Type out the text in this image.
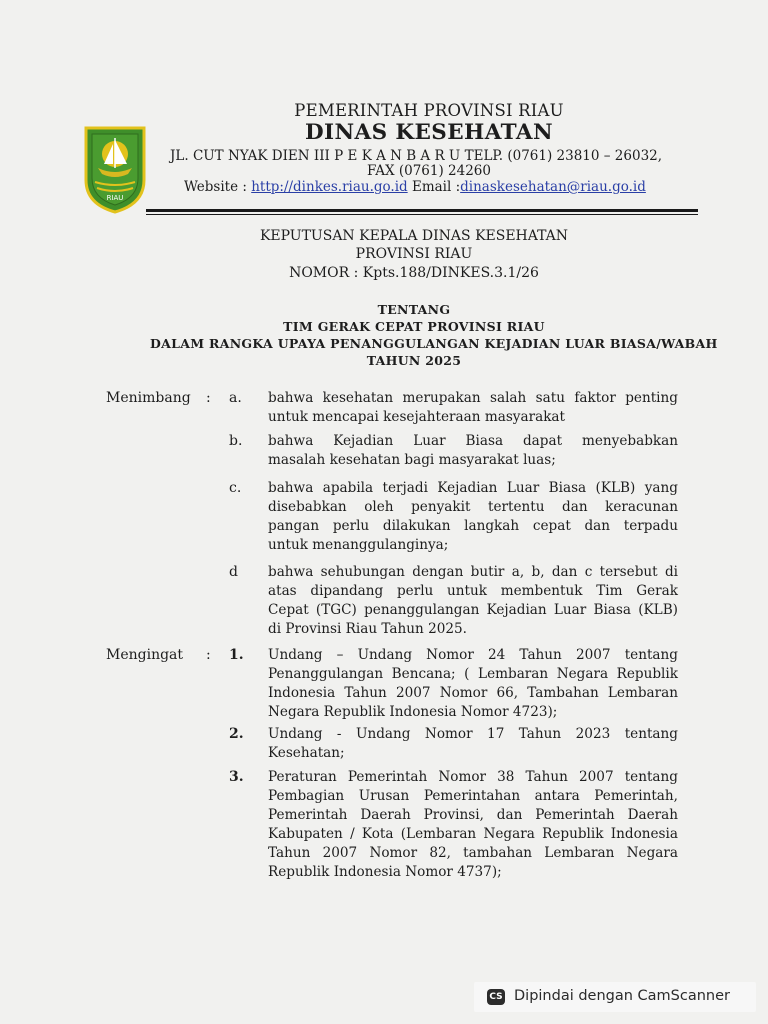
RIAU
PEMERINTAH PROVINSI RIAU
DINAS KESEHATAN
JL. CUT NYAK DIEN III P E K A N B A R U TELP. (0761) 23810 – 26032,
FAX (0761) 24260
Website : http://dinkes.riau.go.id Email :dinaskesehatan@riau.go.id
KEPUTUSAN KEPALA DINAS KESEHATAN
PROVINSI RIAU
NOMOR : Kpts.188/DINKES.3.1/26
TENTANG
TIM GERAK CEPAT PROVINSI RIAU
DALAM RANGKA UPAYA PENANGGULANGAN KEJADIAN LUAR BIASA/WABAH
TAHUN 2025
Menimbang : a. bahwa kesehatan merupakan salah satu faktor penting
untuk mencapai kesejahteraan masyarakat
b. bahwa Kejadian Luar Biasa dapat menyebabkan
masalah kesehatan bagi masyarakat luas;
c. bahwa apabila terjadi Kejadian Luar Biasa (KLB) yang
disebabkan oleh penyakit tertentu dan keracunan
pangan perlu dilakukan langkah cepat dan terpadu
untuk menanggulanginya;
d bahwa sehubungan dengan butir a, b, dan c tersebut di
atas dipandang perlu untuk membentuk Tim Gerak
Cepat (TGC) penanggulangan Kejadian Luar Biasa (KLB)
di Provinsi Riau Tahun 2025.
Mengingat : 1. Undang – Undang Nomor 24 Tahun 2007 tentang
Penanggulangan Bencana; ( Lembaran Negara Republik
Indonesia Tahun 2007 Nomor 66, Tambahan Lembaran
Negara Republik Indonesia Nomor 4723);
2. Undang - Undang Nomor 17 Tahun 2023 tentang
Kesehatan;
3. Peraturan Pemerintah Nomor 38 Tahun 2007 tentang
Pembagian Urusan Pemerintahan antara Pemerintah,
Pemerintah Daerah Provinsi, dan Pemerintah Daerah
Kabupaten / Kota (Lembaran Negara Republik Indonesia
Tahun 2007 Nomor 82, tambahan Lembaran Negara
Republik Indonesia Nomor 4737);
CS Dipindai dengan CamScanner
